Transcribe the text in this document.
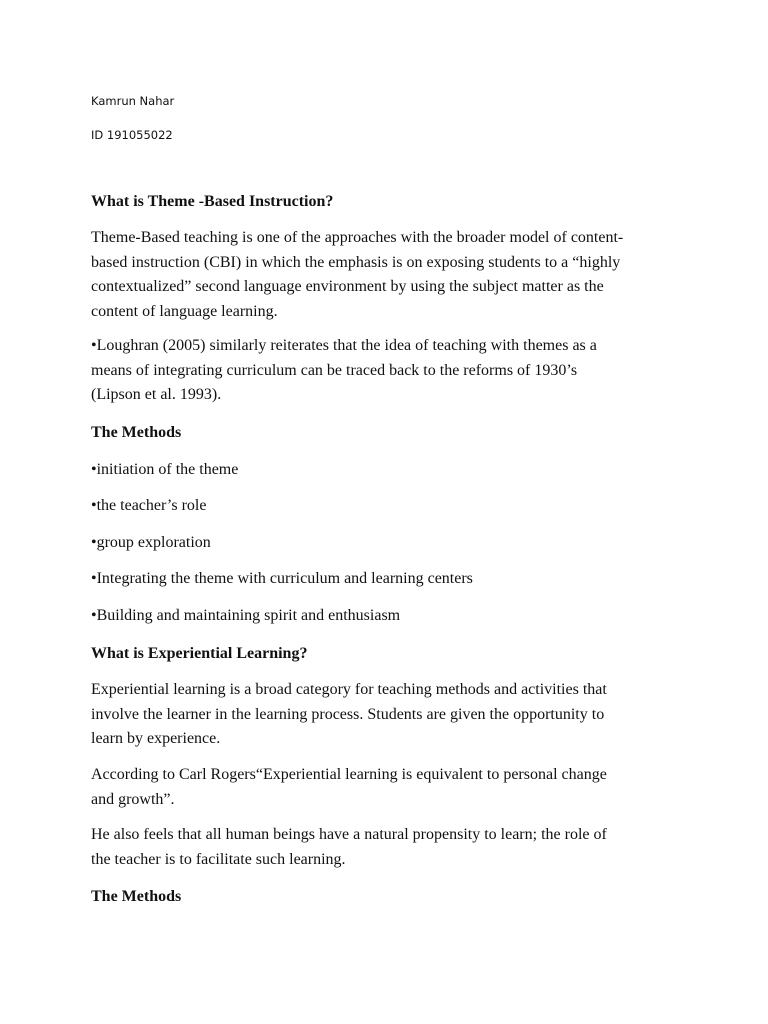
Kamrun Nahar

ID 191055022

What is Theme -Based Instruction?

Theme-Based teaching is one of the approaches with the broader model of content-
based instruction (CBI) in which the emphasis is on exposing students to a “highly
contextualized” second language environment by using the subject matter as the
content of language learning.

•Loughran (2005) similarly reiterates that the idea of teaching with themes as a
means of integrating curriculum can be traced back to the reforms of 1930’s
(Lipson et al. 1993).

The Methods

•initiation of the theme

•the teacher’s role

•group exploration

•Integrating the theme with curriculum and learning centers

•Building and maintaining spirit and enthusiasm

What is Experiential Learning?

Experiential learning is a broad category for teaching methods and activities that
involve the learner in the learning process. Students are given the opportunity to
learn by experience.

According to Carl Rogers“Experiential learning is equivalent to personal change
and growth”.

He also feels that all human beings have a natural propensity to learn; the role of
the teacher is to facilitate such learning.

The Methods
